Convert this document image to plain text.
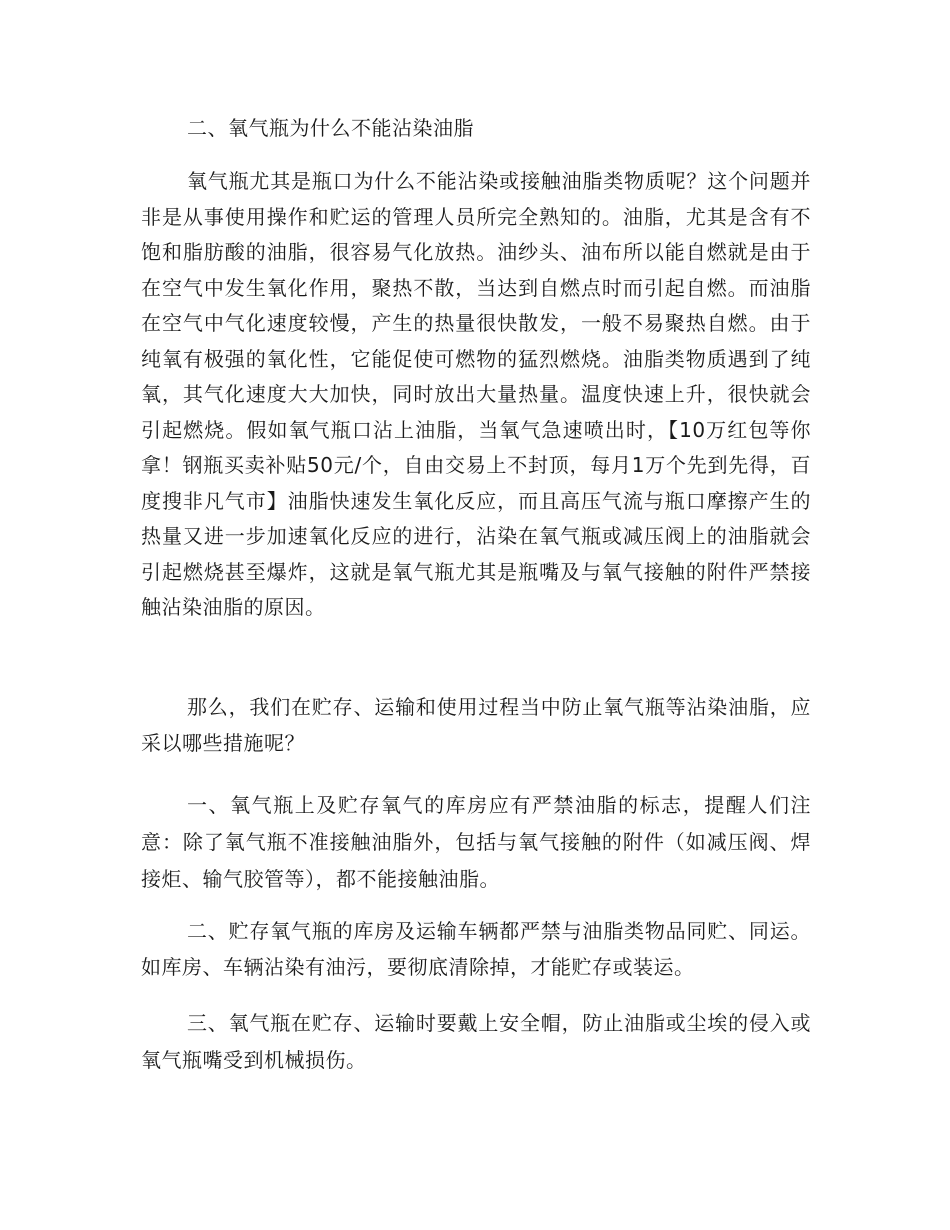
二、氧气瓶为什么不能沾染油脂

氧气瓶尤其是瓶口为什么不能沾染或接触油脂类物质呢？这个问题并非是从事使用操作和贮运的管理人员所完全熟知的。油脂，尤其是含有不饱和脂肪酸的油脂，很容易气化放热。油纱头、油布所以能自燃就是由于在空气中发生氧化作用，聚热不散，当达到自燃点时而引起自燃。而油脂在空气中气化速度较慢，产生的热量很快散发，一般不易聚热自燃。由于纯氧有极强的氧化性，它能促使可燃物的猛烈燃烧。油脂类物质遇到了纯氧，其气化速度大大加快，同时放出大量热量。温度快速上升，很快就会引起燃烧。假如氧气瓶口沾上油脂，当氧气急速喷出时，【10万红包等你拿！钢瓶买卖补贴50元/个，自由交易上不封顶，每月1万个先到先得，百度搜非凡气市】油脂快速发生氧化反应，而且高压气流与瓶口摩擦产生的热量又进一步加速氧化反应的进行，沾染在氧气瓶或减压阀上的油脂就会引起燃烧甚至爆炸，这就是氧气瓶尤其是瓶嘴及与氧气接触的附件严禁接触沾染油脂的原因。

那么，我们在贮存、运输和使用过程当中防止氧气瓶等沾染油脂，应采以哪些措施呢？

一、氧气瓶上及贮存氧气的库房应有严禁油脂的标志，提醒人们注意：除了氧气瓶不准接触油脂外，包括与氧气接触的附件（如减压阀、焊接炬、输气胶管等），都不能接触油脂。

二、贮存氧气瓶的库房及运输车辆都严禁与油脂类物品同贮、同运。如库房、车辆沾染有油污，要彻底清除掉，才能贮存或装运。

三、氧气瓶在贮存、运输时要戴上安全帽，防止油脂或尘埃的侵入或氧气瓶嘴受到机械损伤。
